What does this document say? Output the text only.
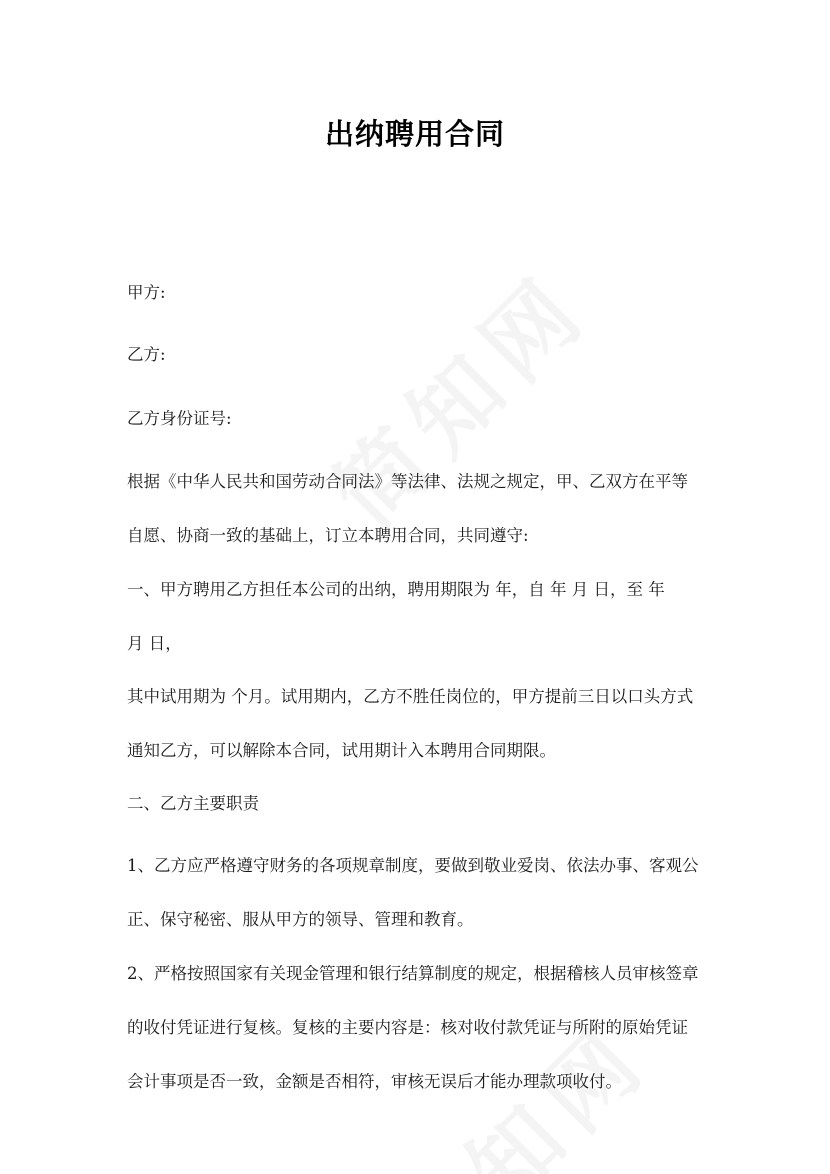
出纳聘用合同
甲方:
乙方:
乙方身份证号:
根据《中华人民共和国劳动合同法》等法律、法规之规定，甲、乙双方在平等
自愿、协商一致的基础上，订立本聘用合同，共同遵守:
一、甲方聘用乙方担任本公司的出纳，聘用期限为 年，自 年 月 日，至 年
月 日，
其中试用期为 个月。试用期内，乙方不胜任岗位的，甲方提前三日以口头方式
通知乙方，可以解除本合同，试用期计入本聘用合同期限。
二、乙方主要职责
1、乙方应严格遵守财务的各项规章制度，要做到敬业爱岗、依法办事、客观公
正、保守秘密、服从甲方的领导、管理和教育。
2、严格按照国家有关现金管理和银行结算制度的规定，根据稽核人员审核签章
的收付凭证进行复核。复核的主要内容是：核对收付款凭证与所附的原始凭证
会计事项是否一致，金额是否相符，审核无误后才能办理款项收付。
